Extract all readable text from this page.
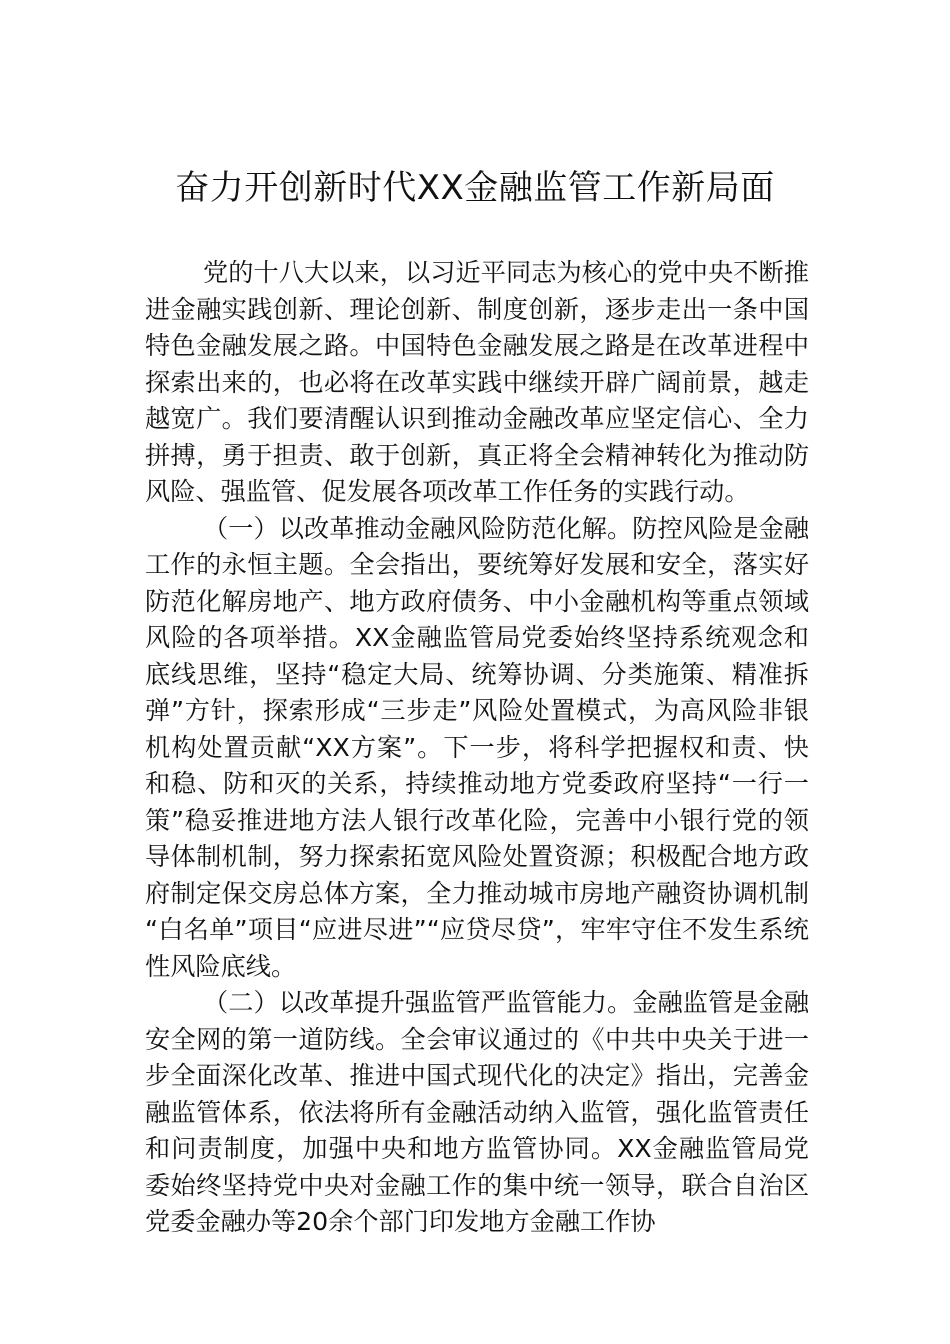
奋力开创新时代XX金融监管工作新局面

党的十八大以来，以习近平同志为核心的党中央不断推进金融实践创新、理论创新、制度创新，逐步走出一条中国特色金融发展之路。中国特色金融发展之路是在改革进程中探索出来的，也必将在改革实践中继续开辟广阔前景，越走越宽广。我们要清醒认识到推动金融改革应坚定信心、全力拼搏，勇于担责、敢于创新，真正将全会精神转化为推动防风险、强监管、促发展各项改革工作任务的实践行动。

（一）以改革推动金融风险防范化解。防控风险是金融工作的永恒主题。全会指出，要统筹好发展和安全，落实好防范化解房地产、地方政府债务、中小金融机构等重点领域风险的各项举措。XX金融监管局党委始终坚持系统观念和底线思维，坚持“稳定大局、统筹协调、分类施策、精准拆弹”方针，探索形成“三步走”风险处置模式，为高风险非银机构处置贡献“XX方案”。下一步，将科学把握权和责、快和稳、防和灭的关系，持续推动地方党委政府坚持“一行一策”稳妥推进地方法人银行改革化险，完善中小银行党的领导体制机制，努力探索拓宽风险处置资源；积极配合地方政府制定保交房总体方案，全力推动城市房地产融资协调机制“白名单”项目“应进尽进”“应贷尽贷”，牢牢守住不发生系统性风险底线。

（二）以改革提升强监管严监管能力。金融监管是金融安全网的第一道防线。全会审议通过的《中共中央关于进一步全面深化改革、推进中国式现代化的决定》指出，完善金融监管体系，依法将所有金融活动纳入监管，强化监管责任和问责制度，加强中央和地方监管协同。XX金融监管局党委始终坚持党中央对金融工作的集中统一领导，联合自治区党委金融办等20余个部门印发地方金融工作协
